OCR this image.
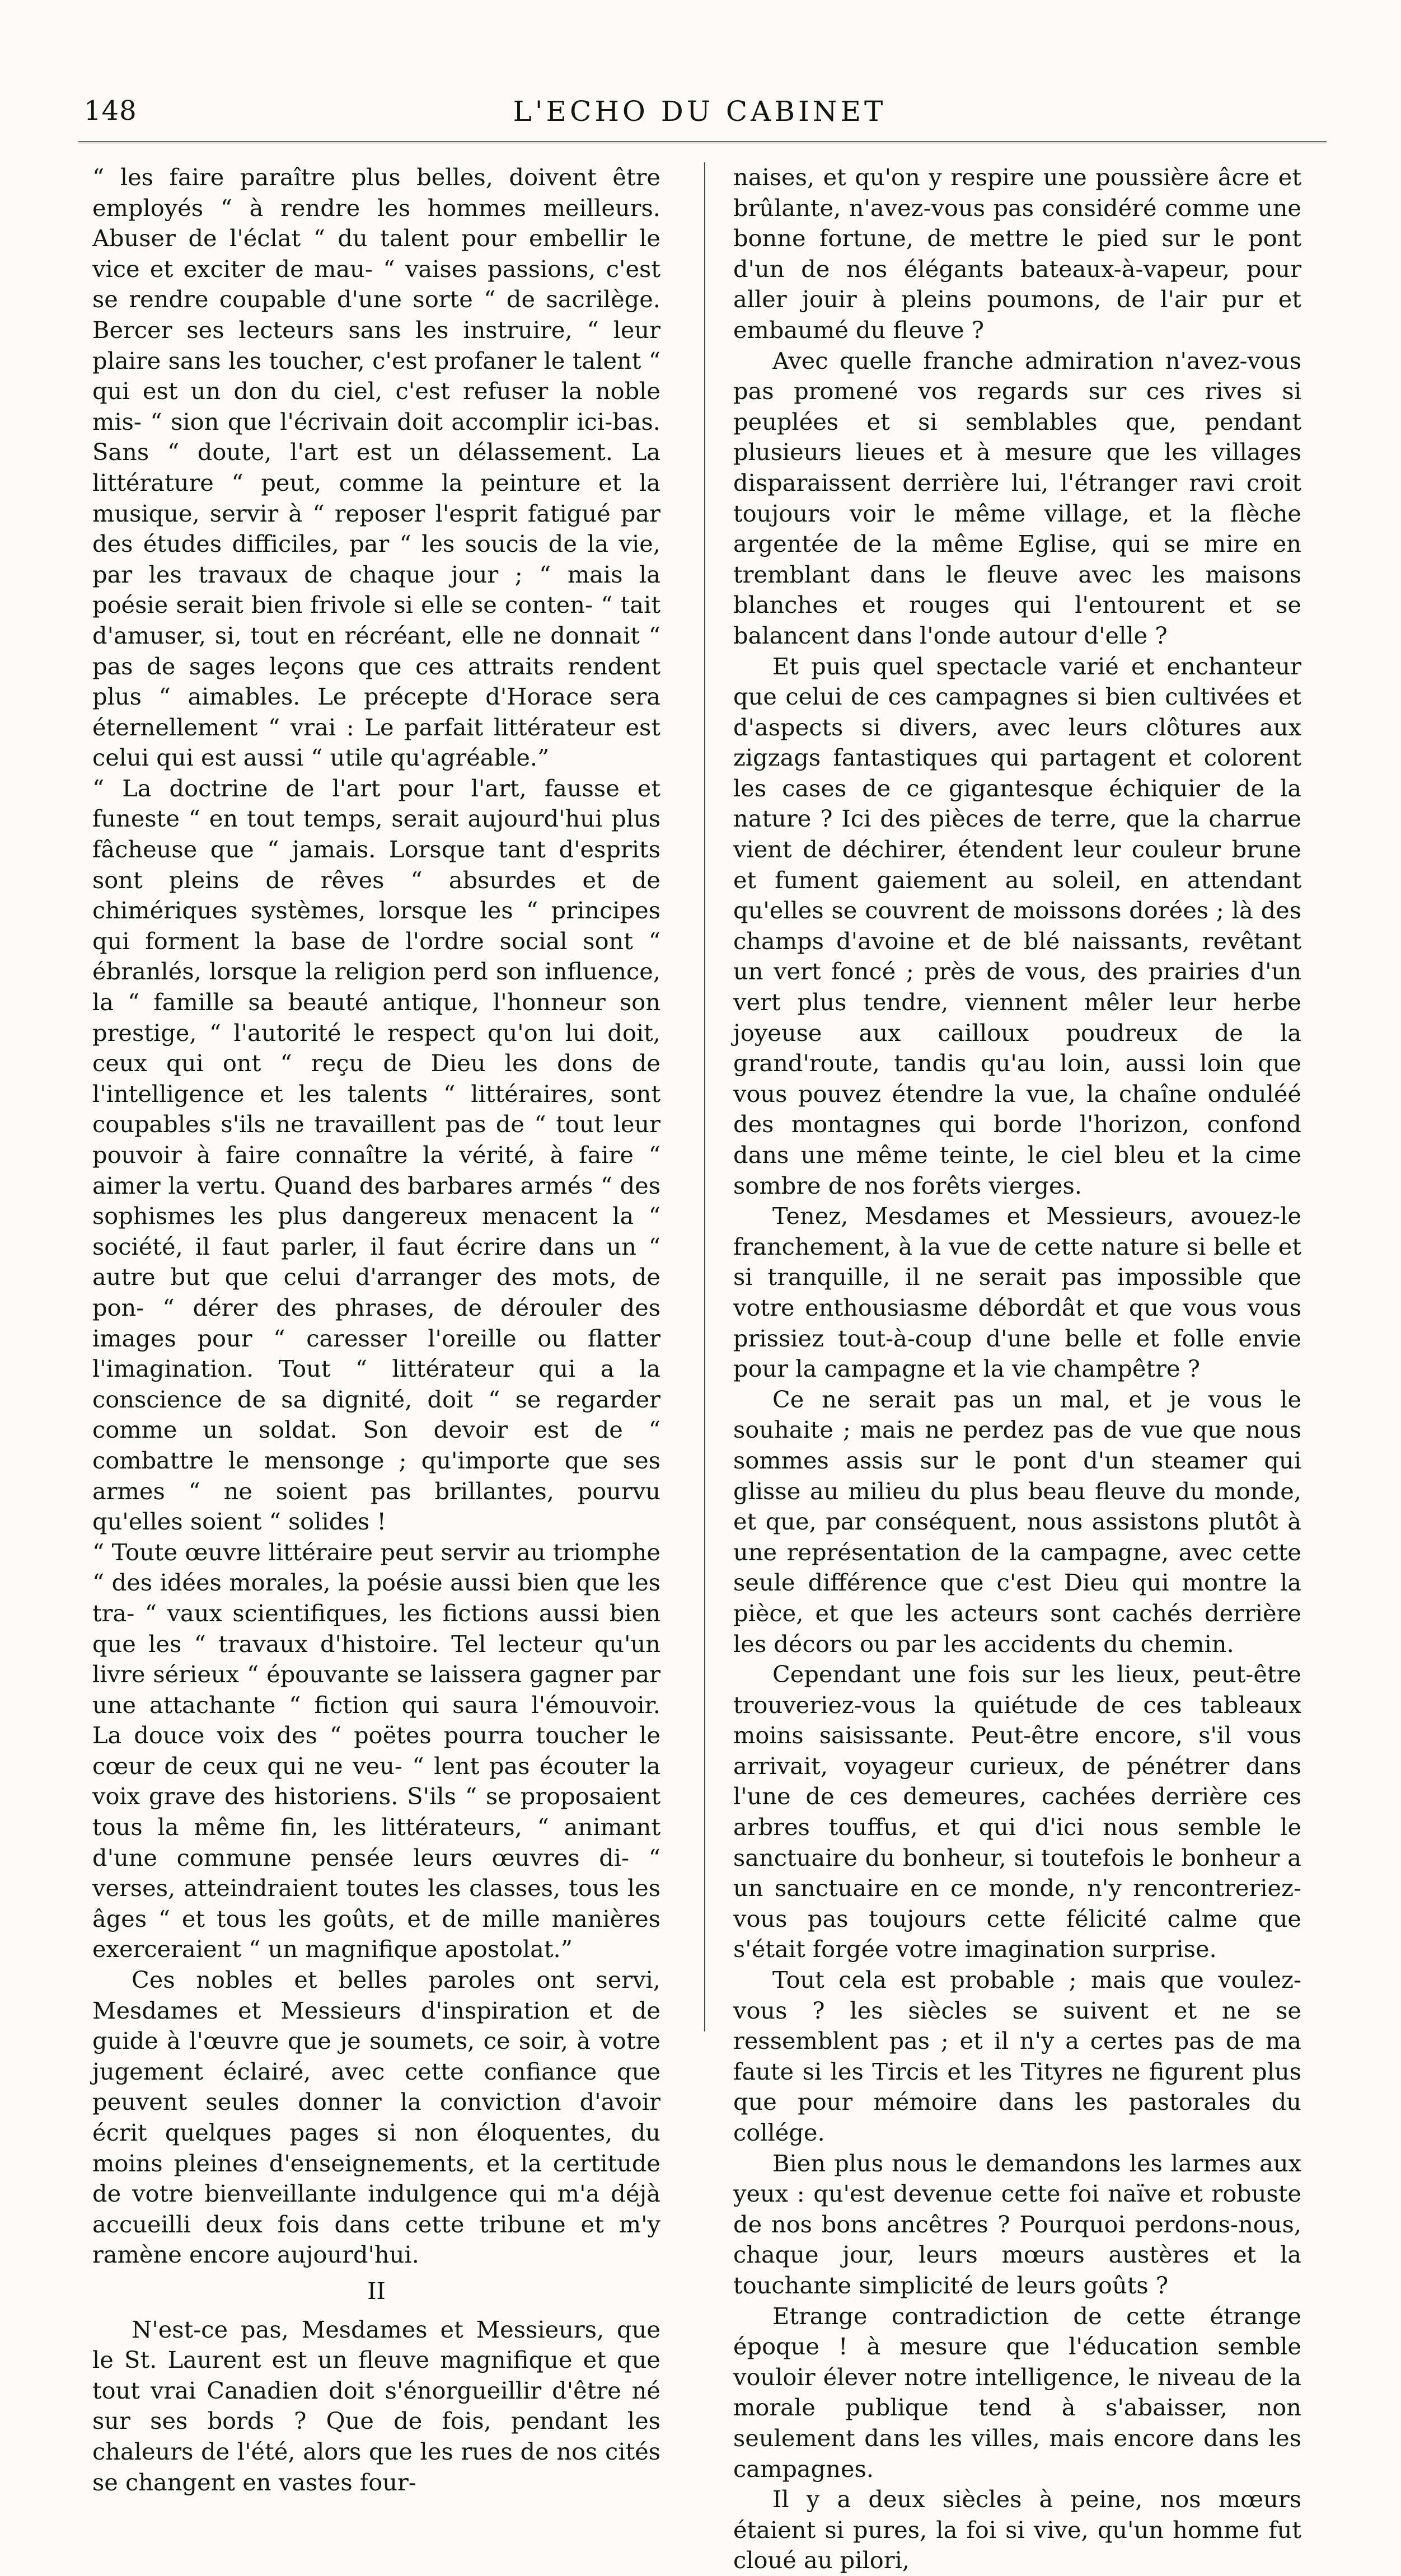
148	L'ECHO DU CABINET

“ les faire paraître plus belles, doivent être employés “ à rendre les hommes meilleurs. Abuser de l'éclat “ du talent pour embellir le vice et exciter de mau- “ vaises passions, c'est se rendre coupable d'une sorte “ de sacrilège. Bercer ses lecteurs sans les instruire, “ leur plaire sans les toucher, c'est profaner le talent “ qui est un don du ciel, c'est refuser la noble mis- “ sion que l'écrivain doit accomplir ici-bas. Sans “ doute, l'art est un délassement. La littérature “ peut, comme la peinture et la musique, servir à “ reposer l'esprit fatigué par des études difficiles, par “ les soucis de la vie, par les travaux de chaque jour ; “ mais la poésie serait bien frivole si elle se conten- “ tait d'amuser, si, tout en récréant, elle ne donnait “ pas de sages leçons que ces attraits rendent plus “ aimables. Le précepte d'Horace sera éternellement “ vrai : Le parfait littérateur est celui qui est aussi “ utile qu'agréable.”

“ La doctrine de l'art pour l'art, fausse et funeste “ en tout temps, serait aujourd'hui plus fâcheuse que “ jamais. Lorsque tant d'esprits sont pleins de rêves “ absurdes et de chimériques systèmes, lorsque les “ principes qui forment la base de l'ordre social sont “ ébranlés, lorsque la religion perd son influence, la “ famille sa beauté antique, l'honneur son prestige, “ l'autorité le respect qu'on lui doit, ceux qui ont “ reçu de Dieu les dons de l'intelligence et les talents “ littéraires, sont coupables s'ils ne travaillent pas de “ tout leur pouvoir à faire connaître la vérité, à faire “ aimer la vertu. Quand des barbares armés “ des sophismes les plus dangereux menacent la “ société, il faut parler, il faut écrire dans un “ autre but que celui d'arranger des mots, de pon- “ dérer des phrases, de dérouler des images pour “ caresser l'oreille ou flatter l'imagination. Tout “ littérateur qui a la conscience de sa dignité, doit “ se regarder comme un soldat. Son devoir est de “ combattre le mensonge ; qu'importe que ses armes “ ne soient pas brillantes, pourvu qu'elles soient “ solides !

“ Toute œuvre littéraire peut servir au triomphe “ des idées morales, la poésie aussi bien que les tra- “ vaux scientifiques, les fictions aussi bien que les “ travaux d'histoire. Tel lecteur qu'un livre sérieux “ épouvante se laissera gagner par une attachante “ fiction qui saura l'émouvoir. La douce voix des “ poëtes pourra toucher le cœur de ceux qui ne veu- “ lent pas écouter la voix grave des historiens. S'ils “ se proposaient tous la même fin, les littérateurs, “ animant d'une commune pensée leurs œuvres di- “ verses, atteindraient toutes les classes, tous les âges “ et tous les goûts, et de mille manières exerceraient “ un magnifique apostolat.”

Ces nobles et belles paroles ont servi, Mesdames et Messieurs d'inspiration et de guide à l'œuvre que je soumets, ce soir, à votre jugement éclairé, avec cette confiance que peuvent seules donner la conviction d'avoir écrit quelques pages si non éloquentes, du moins pleines d'enseignements, et la certitude de votre bienveillante indulgence qui m'a déjà accueilli deux fois dans cette tribune et m'y ramène encore aujourd'hui.

II

N'est-ce pas, Mesdames et Messieurs, que le St. Laurent est un fleuve magnifique et que tout vrai Canadien doit s'énorgueillir d'être né sur ses bords ? Que de fois, pendant les chaleurs de l'été, alors que les rues de nos cités se changent en vastes four-

naises, et qu'on y respire une poussière âcre et brûlante, n'avez-vous pas considéré comme une bonne fortune, de mettre le pied sur le pont d'un de nos élégants bateaux-à-vapeur, pour aller jouir à pleins poumons, de l'air pur et embaumé du fleuve ?

Avec quelle franche admiration n'avez-vous pas promené vos regards sur ces rives si peuplées et si semblables que, pendant plusieurs lieues et à mesure que les villages disparaissent derrière lui, l'étranger ravi croit toujours voir le même village, et la flèche argentée de la même Eglise, qui se mire en tremblant dans le fleuve avec les maisons blanches et rouges qui l'entourent et se balancent dans l'onde autour d'elle ?

Et puis quel spectacle varié et enchanteur que celui de ces campagnes si bien cultivées et d'aspects si divers, avec leurs clôtures aux zigzags fantastiques qui partagent et colorent les cases de ce gigantesque échiquier de la nature ? Ici des pièces de terre, que la charrue vient de déchirer, étendent leur couleur brune et fument gaiement au soleil, en attendant qu'elles se couvrent de moissons dorées ; là des champs d'avoine et de blé naissants, revêtant un vert foncé ; près de vous, des prairies d'un vert plus tendre, viennent mêler leur herbe joyeuse aux cailloux poudreux de la grand'route, tandis qu'au loin, aussi loin que vous pouvez étendre la vue, la chaîne onduléé des montagnes qui borde l'horizon, confond dans une même teinte, le ciel bleu et la cime sombre de nos forêts vierges.

Tenez, Mesdames et Messieurs, avouez-le franchement, à la vue de cette nature si belle et si tranquille, il ne serait pas impossible que votre enthousiasme débordât et que vous vous prissiez tout-à-coup d'une belle et folle envie pour la campagne et la vie champêtre ?

Ce ne serait pas un mal, et je vous le souhaite ; mais ne perdez pas de vue que nous sommes assis sur le pont d'un steamer qui glisse au milieu du plus beau fleuve du monde, et que, par conséquent, nous assistons plutôt à une représentation de la campagne, avec cette seule différence que c'est Dieu qui montre la pièce, et que les acteurs sont cachés derrière les décors ou par les accidents du chemin.

Cependant une fois sur les lieux, peut-être trouveriez-vous la quiétude de ces tableaux moins saisissante. Peut-être encore, s'il vous arrivait, voyageur curieux, de pénétrer dans l'une de ces demeures, cachées derrière ces arbres touffus, et qui d'ici nous semble le sanctuaire du bonheur, si toutefois le bonheur a un sanctuaire en ce monde, n'y rencontreriez-vous pas toujours cette félicité calme que s'était forgée votre imagination surprise.

Tout cela est probable ; mais que voulez-vous ? les siècles se suivent et ne se ressemblent pas ; et il n'y a certes pas de ma faute si les Tircis et les Tityres ne figurent plus que pour mémoire dans les pastorales du collége.

Bien plus nous le demandons les larmes aux yeux : qu'est devenue cette foi naïve et robuste de nos bons ancêtres ? Pourquoi perdons-nous, chaque jour, leurs mœurs austères et la touchante simplicité de leurs goûts ?

Etrange contradiction de cette étrange époque ! à mesure que l'éducation semble vouloir élever notre intelligence, le niveau de la morale publique tend à s'abaisser, non seulement dans les villes, mais encore dans les campagnes.

Il y a deux siècles à peine, nos mœurs étaient si pures, la foi si vive, qu'un homme fut cloué au pilori,
